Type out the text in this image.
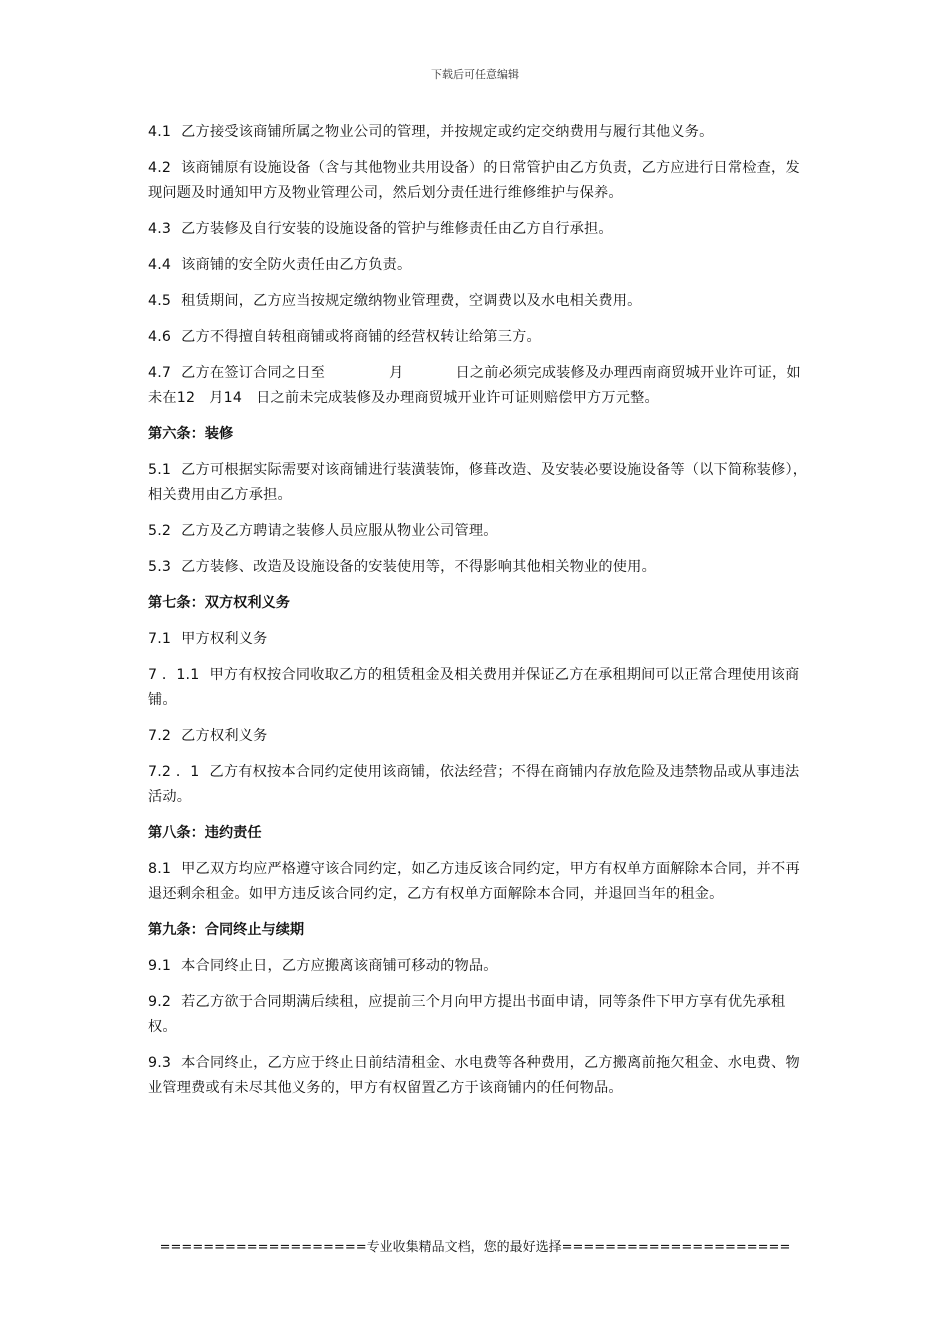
下载后可任意编辑

4.1 乙方接受该商铺所属之物业公司的管理，并按规定或约定交纳费用与履行其他义务。

4.2 该商铺原有设施设备（含与其他物业共用设备）的日常管护由乙方负责，乙方应进行日常检查，发现问题及时通知甲方及物业管理公司，然后划分责任进行维修维护与保养。

4.3 乙方装修及自行安装的设施设备的管护与维修责任由乙方自行承担。

4.4 该商铺的安全防火责任由乙方负责。

4.5 租赁期间，乙方应当按规定缴纳物业管理费，空调费以及水电相关费用。

4.6 乙方不得擅自转租商铺或将商铺的经营权转让给第三方。

4.7 乙方在签订合同之日至	月	日之前必须完成装修及办理西南商贸城开业许可证，如未在12 月14 日之前未完成装修及办理商贸城开业许可证则赔偿甲方万元整。

第六条：装修

5.1 乙方可根据实际需要对该商铺进行装潢装饰，修葺改造、及安装必要设施设备等（以下简称装修），相关费用由乙方承担。

5.2 乙方及乙方聘请之装修人员应服从物业公司管理。

5.3 乙方装修、改造及设施设备的安装使用等，不得影响其他相关物业的使用。

第七条：双方权利义务

7.1 甲方权利义务

7 ．1.1 甲方有权按合同收取乙方的租赁租金及相关费用并保证乙方在承租期间可以正常合理使用该商铺。

7.2 乙方权利义务

7.2 ．1 乙方有权按本合同约定使用该商铺，依法经营；不得在商铺内存放危险及违禁物品或从事违法活动。

第八条：违约责任

8.1 甲乙双方均应严格遵守该合同约定，如乙方违反该合同约定，甲方有权单方面解除本合同，并不再退还剩余租金。如甲方违反该合同约定，乙方有权单方面解除本合同，并退回当年的租金。

第九条：合同终止与续期

9.1 本合同终止日，乙方应搬离该商铺可移动的物品。

9.2 若乙方欲于合同期满后续租，应提前三个月向甲方提出书面申请，同等条件下甲方享有优先承租权。

9.3 本合同终止，乙方应于终止日前结清租金、水电费等各种费用，乙方搬离前拖欠租金、水电费、物业管理费或有未尽其他义务的，甲方有权留置乙方于该商铺内的任何物品。

===================专业收集精品文档，您的最好选择=====================
